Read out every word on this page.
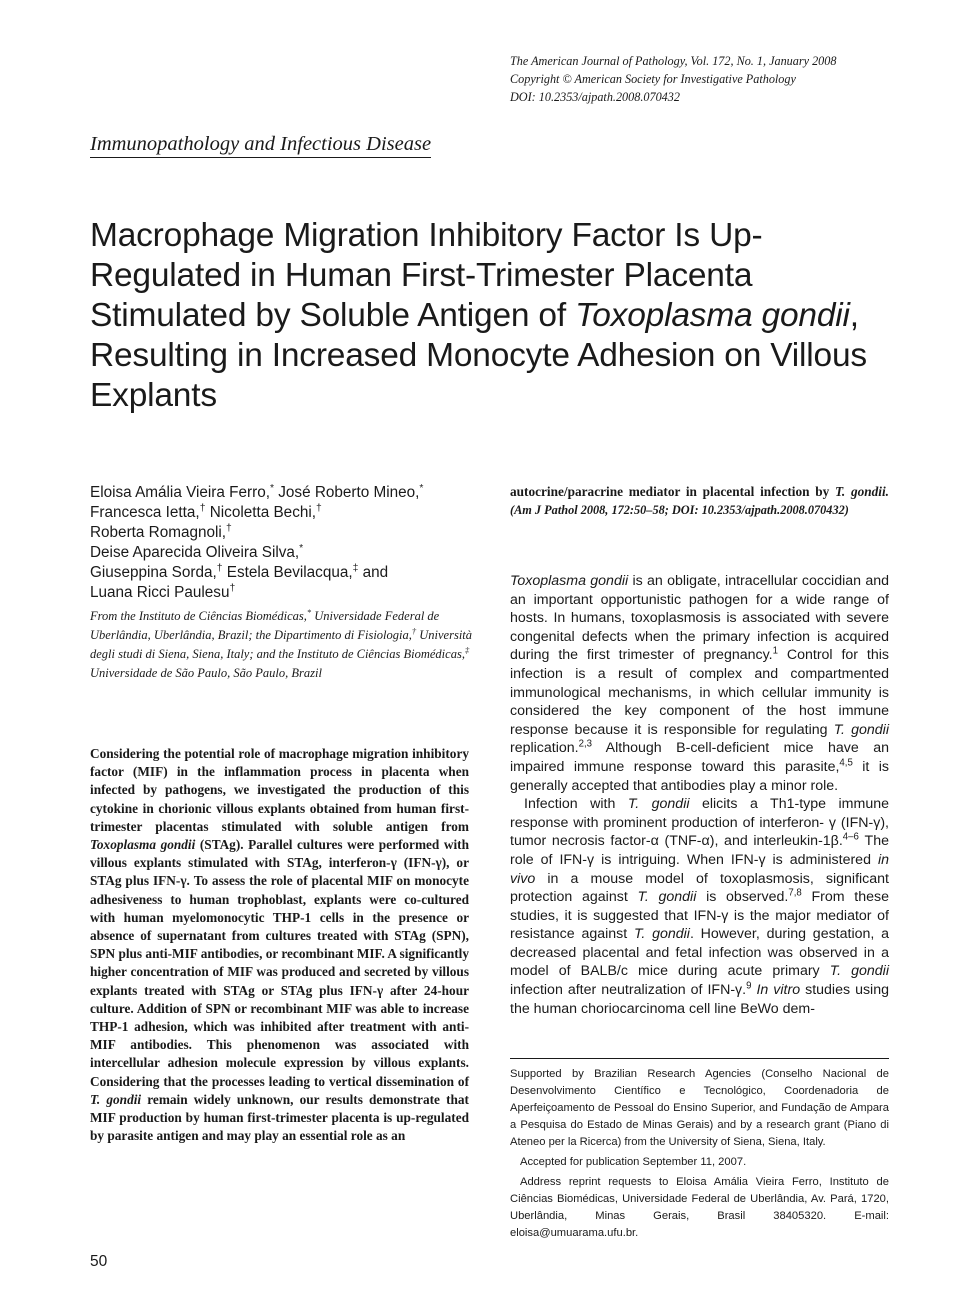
The American Journal of Pathology, Vol. 172, No. 1, January 2008
Copyright © American Society for Investigative Pathology
DOI: 10.2353/ajpath.2008.070432
Immunopathology and Infectious Disease
Macrophage Migration Inhibitory Factor Is Up-Regulated in Human First-Trimester Placenta Stimulated by Soluble Antigen of Toxoplasma gondii, Resulting in Increased Monocyte Adhesion on Villous Explants
Eloisa Amália Vieira Ferro,* José Roberto Mineo,*
Francesca Ietta,† Nicoletta Bechi,†
Roberta Romagnoli,†
Deise Aparecida Oliveira Silva,*
Giuseppina Sorda,† Estela Bevilacqua,‡ and
Luana Ricci Paulesu†
From the Instituto de Ciências Biomédicas,* Universidade Federal de Uberlândia, Uberlândia, Brazil; the Dipartimento di Fisiologia,† Università degli studi di Siena, Siena, Italy; and the Instituto de Ciências Biomédicas,‡ Universidade de São Paulo, São Paulo, Brazil
Considering the potential role of macrophage migration inhibitory factor (MIF) in the inflammation process in placenta when infected by pathogens, we investigated the production of this cytokine in chorionic villous explants obtained from human first-trimester placentas stimulated with soluble antigen from Toxoplasma gondii (STAg). Parallel cultures were performed with villous explants stimulated with STAg, interferon-γ (IFN-γ), or STAg plus IFN-γ. To assess the role of placental MIF on monocyte adhesiveness to human trophoblast, explants were co-cultured with human myelomonocytic THP-1 cells in the presence or absence of supernatant from cultures treated with STAg (SPN), SPN plus anti-MIF antibodies, or recombinant MIF. A significantly higher concentration of MIF was produced and secreted by villous explants treated with STAg or STAg plus IFN-γ after 24-hour culture. Addition of SPN or recombinant MIF was able to increase THP-1 adhesion, which was inhibited after treatment with anti-MIF antibodies. This phenomenon was associated with intercellular adhesion molecule expression by villous explants. Considering that the processes leading to vertical dissemination of T. gondii remain widely unknown, our results demonstrate that MIF production by human first-trimester placenta is up-regulated by parasite antigen and may play an essential role as an
autocrine/paracrine mediator in placental infection by T. gondii. (Am J Pathol 2008, 172:50–58; DOI: 10.2353/ajpath.2008.070432)

Toxoplasma gondii is an obligate, intracellular coccidian and an important opportunistic pathogen for a wide range of hosts. In humans, toxoplasmosis is associated with severe congenital defects when the primary infection is acquired during the first trimester of pregnancy.$^1$ Control for this infection is a result of complex and compartmented immunological mechanisms, in which cellular immunity is considered the key component of the host immune response because it is responsible for regulating T. gondii replication.$^{2,3}$ Although B-cell-deficient mice have an impaired immune response toward this parasite,$^{4,5}$ it is generally accepted that antibodies play a minor role.

Infection with T. gondii elicits a Th1-type immune response with prominent production of interferon- γ (IFN-γ), tumor necrosis factor-α (TNF-α), and interleukin-1β.$^{4-6}$ The role of IFN-γ is intriguing. When IFN-γ is administered in vivo in a mouse model of toxoplasmosis, significant protection against T. gondii is observed.$^{7,8}$ From these studies, it is suggested that IFN-γ is the major mediator of resistance against T. gondii. However, during gestation, a decreased placental and fetal infection was observed in a model of BALB/c mice during acute primary T. gondii infection after neutralization of IFN-γ.$^9$ In vitro studies using the human choriocarcinoma cell line BeWo dem-

Supported by Brazilian Research Agencies (Conselho Nacional de Desenvolvimento Científico e Tecnológico, Coordenadoria de Aperfeiçoamento de Pessoal do Ensino Superior, and Fundação de Ampara a Pesquisa do Estado de Minas Gerais) and by a research grant (Piano di Ateneo per la Ricerca) from the University of Siena, Siena, Italy.

Accepted for publication September 11, 2007.

Address reprint requests to Eloisa Amália Vieira Ferro, Instituto de Ciências Biomédicas, Universidade Federal de Uberlândia, Av. Pará, 1720, Uberlândia, Minas Gerais, Brasil 38405320. E-mail: eloisa@umuarama.ufu.br.

50
